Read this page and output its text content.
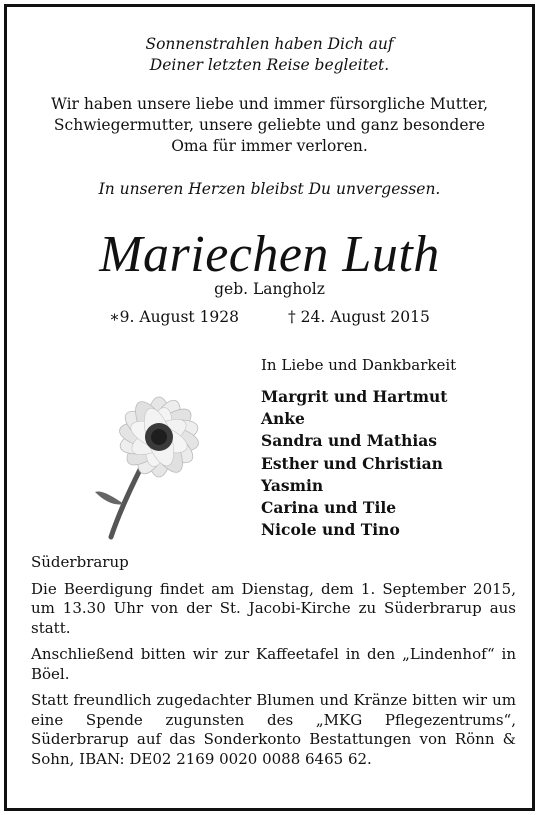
Sonnenstrahlen haben Dich auf
Deiner letzten Reise begleitet.
Wir haben unsere liebe und immer fürsorgliche Mutter,
Schwiegermutter, unsere geliebte und ganz besondere
Oma für immer verloren.
In unseren Herzen bleibst Du unvergessen.
Mariechen Luth
geb. Langholz
∗9. August 1928	† 24. August 2015
In Liebe und Dankbarkeit
Margrit und Hartmut
Anke
Sandra und Mathias
Esther und Christian
Yasmin
Carina und Tile
Nicole und Tino

Süderbrarup

Die Beerdigung findet am Dienstag, dem 1. September 2015, um 13.30 Uhr von der St. Jacobi-Kirche zu Süderbrarup aus statt.

Anschließend bitten wir zur Kaffeetafel in den „Lindenhof“ in Böel.

Statt freundlich zugedachter Blumen und Kränze bitten wir um eine Spende zugunsten des „MKG Pflegezentrums“, Süderbrarup auf das Sonderkonto Bestattungen von Rönn & Sohn, IBAN: DE02 2169 0020 0088 6465 62.
